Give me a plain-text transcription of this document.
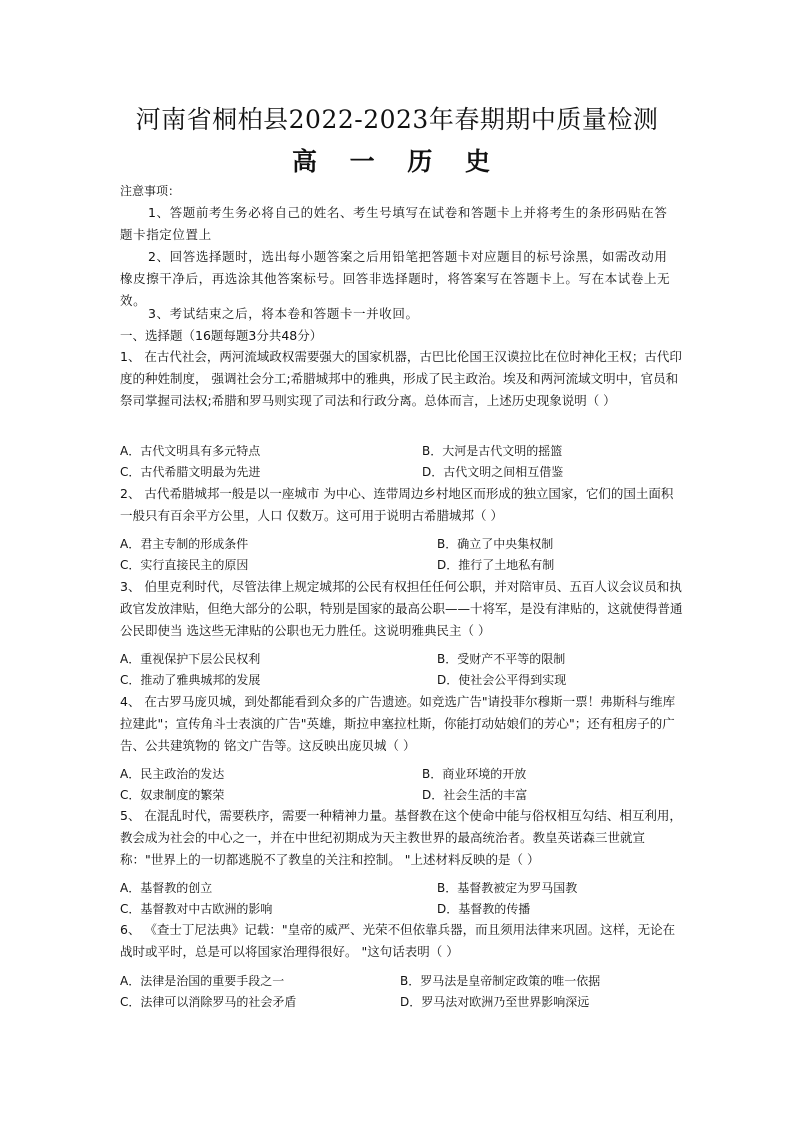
河南省桐柏县2022-2023年春期期中质量检测
高 一 历 史
注意事项：
1、答题前考生务必将自己的姓名、考生号填写在试卷和答题卡上并将考生的条形码贴在答题卡指定位置上
2、回答选择题时，选出每小题答案之后用铅笔把答题卡对应题目的标号涂黑，如需改动用橡皮擦干净后，再选涂其他答案标号。回答非选择题时，将答案写在答题卡上。写在本试卷上无效。
3、考试结束之后，将本卷和答题卡一并收回。
一、选择题（16题每题3分共48分）
1、 在古代社会，两河流域政权需要强大的国家机器，古巴比伦国王汉谟拉比在位时神化王权；古代印度的种姓制度， 强调社会分工;希腊城邦中的雅典，形成了民主政治。埃及和两河流域文明中，官员和祭司掌握司法权;希腊和罗马则实现了司法和行政分离。总体而言，上述历史现象说明（ ）
A．古代文明具有多元特点	B．大河是古代文明的摇篮
C．古代希腊文明最为先进	D．古代文明之间相互借鉴
2、 古代希腊城邦一般是以一座城市 为中心、连带周边乡村地区而形成的独立国家，它们的国土面积一般只有百余平方公里，人口 仅数万。这可用于说明古希腊城邦（ ）
A．君主专制的形成条件	B．确立了中央集权制
C．实行直接民主的原因	D．推行了土地私有制
3、 伯里克利时代，尽管法律上规定城邦的公民有权担任任何公职，并对陪审员、五百人议会议员和执政官发放津贴，但绝大部分的公职，特别是国家的最高公职——十将军，是没有津贴的，这就使得普通公民即使当 选这些无津贴的公职也无力胜任。这说明雅典民主（ ）
A．重视保护下层公民权利	B．受财产不平等的限制
C．推动了雅典城邦的发展	D．使社会公平得到实现
4、 在古罗马庞贝城，到处都能看到众多的广告遗迹。如竞选广告"请投菲尔穆斯一票！弗斯科与维库拉建此"；宣传角斗士表演的广告"英雄，斯拉申塞拉杜斯，你能打动姑娘们的芳心"；还有租房子的广告、公共建筑物的 铭文广告等。这反映出庞贝城（ ）
A．民主政治的发达	B．商业环境的开放
C．奴隶制度的繁荣	D．社会生活的丰富
5、 在混乱时代，需要秩序，需要一种精神力量。基督教在这个使命中能与俗权相互勾结、相互利用，教会成为社会的中心之一，并在中世纪初期成为天主教世界的最高统治者。教皇英诺森三世就宣称："世界上的一切都逃脱不了教皇的关注和控制。 "上述材料反映的是（ ）
A．基督教的创立	B．基督教被定为罗马国教
C．基督教对中古欧洲的影响	D．基督教的传播
6、 《查士丁尼法典》记载："皇帝的威严、光荣不但依靠兵器，而且须用法律来巩固。这样，无论在战时或平时，总是可以将国家治理得很好。 "这句话表明（ ）
A．法律是治国的重要手段之一	B．罗马法是皇帝制定政策的唯一依据
C．法律可以消除罗马的社会矛盾	D．罗马法对欧洲乃至世界影响深远
